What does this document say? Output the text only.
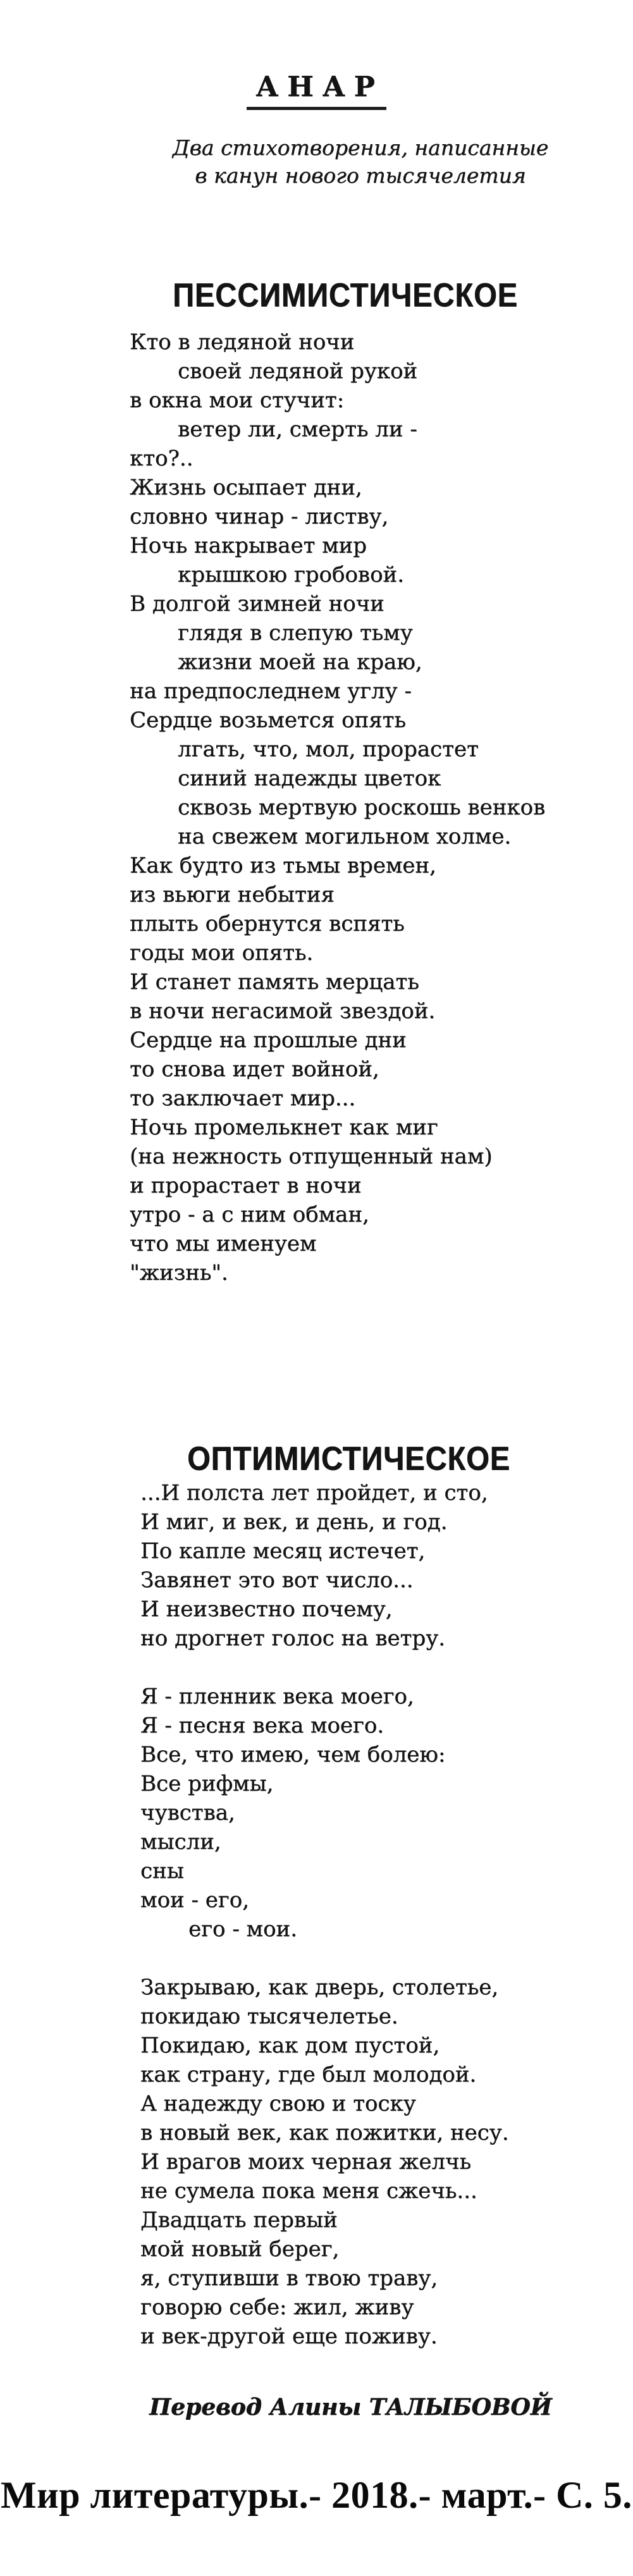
АНАР
Два стихотворения, написанные
в канун нового тысячелетия
ПЕССИМИСТИЧЕСКОЕ
Кто в ледяной ночи
своей ледяной рукой
в окна мои стучит:
ветер ли, смерть ли -
кто?..
Жизнь осыпает дни,
словно чинар - листву,
Ночь накрывает мир
крышкою гробовой.
В долгой зимней ночи
глядя в слепую тьму
жизни моей на краю,
на предпоследнем углу -
Сердце возьмется опять
лгать, что, мол, прорастет
синий надежды цветок
сквозь мертвую роскошь венков
на свежем могильном холме.
Как будто из тьмы времен,
из вьюги небытия
плыть обернутся вспять
годы мои опять.
И станет память мерцать
в ночи негасимой звездой.
Сердце на прошлые дни
то снова идет войной,
то заключает мир...
Ночь промелькнет как миг
(на нежность отпущенный нам)
и прорастает в ночи
утро - а с ним обман,
что мы именуем
"жизнь".
ОПТИМИСТИЧЕСКОЕ
...И полста лет пройдет, и сто,
И миг, и век, и день, и год.
По капле месяц истечет,
Завянет это вот число...
И неизвестно почему,
но дрогнет голос на ветру.
Я - пленник века моего,
Я - песня века моего.
Все, что имею, чем болею:
Все рифмы,
чувства,
мысли,
сны
мои - его,
его - мои.
Закрываю, как дверь, столетье,
покидаю тысячелетье.
Покидаю, как дом пустой,
как страну, где был молодой.
А надежду свою и тоску
в новый век, как пожитки, несу.
И врагов моих черная желчь
не сумела пока меня сжечь...
Двадцать первый
мой новый берег,
я, ступивши в твою траву,
говорю себе: жил, живу
и век-другой еще поживу.
Перевод Алины ТАЛЫБОВОЙ
Мир литературы.- 2018.- март.- С. 5.
